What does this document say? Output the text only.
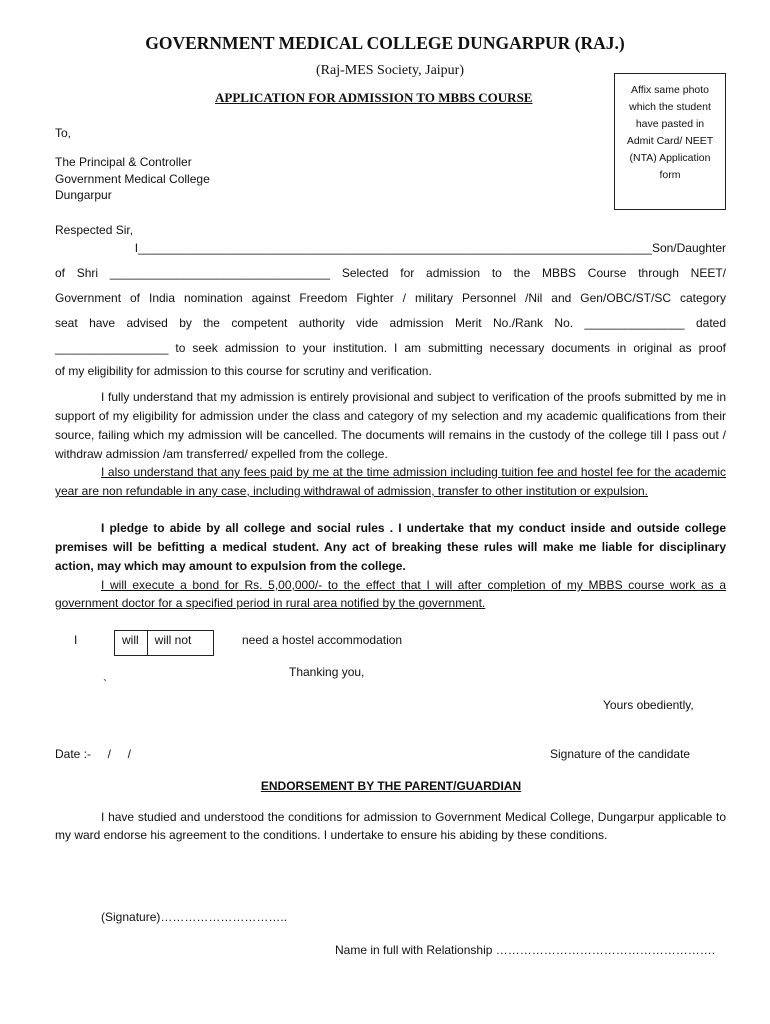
GOVERNMENT MEDICAL COLLEGE DUNGARPUR (RAJ.)
(Raj-MES Society, Jaipur)
APPLICATION FOR ADMISSION TO MBBS COURSE	Affix same photo
which the student
have pasted in
Admit Card/ NEET
(NTA) Application
form
To,
The Principal & Controller
Government Medical College
Dungarpur
Respected Sir,
I_____________________________________________________________________________Son/Daughter
of Shri _________________________________ Selected for admission to the MBBS Course through NEET/
Government of India nomination against Freedom Fighter / military Personnel /Nil and Gen/OBC/ST/SC category
seat have advised by the competent authority vide admission Merit No./Rank No. _______________ dated
_________________ to seek admission to your institution. I am submitting necessary documents in original as proof
of my eligibility for admission to this course for scrutiny and verification.
I fully understand that my admission is entirely provisional and subject to verification of the proofs submitted by me in support of my eligibility for admission under the class and category of my selection and my academic qualifications from their source, failing which my admission will be cancelled. The documents will remains in the custody of the college till I pass out / withdraw admission /am transferred/ expelled from the college.
I also understand that any fees paid by me at the time admission including tuition fee and hostel fee for the academic year are non refundable in any case, including withdrawal of admission, transfer to other institution or expulsion.
I pledge to abide by all college and social rules . I undertake that my conduct inside and outside college premises will be befitting a medical student. Any act of breaking these rules will make me liable for disciplinary action, may which may amount to expulsion from the college.
I will execute a bond for Rs. 5,00,000/- to the effect that I will after completion of my MBBS course work as a government doctor for a specified period in rural area notified by the government.
I	will	will not	need a hostel accommodation
Thanking you,
`
Yours obediently,
Date :-     /     /	Signature of the candidate
ENDORSEMENT BY THE PARENT/GUARDIAN
I have studied and understood the conditions for admission to Government Medical College, Dungarpur applicable to my ward endorse his agreement to the conditions. I undertake to ensure his abiding by these conditions.
(Signature)…………………………..
Name in full with Relationship ……………………………………………….
